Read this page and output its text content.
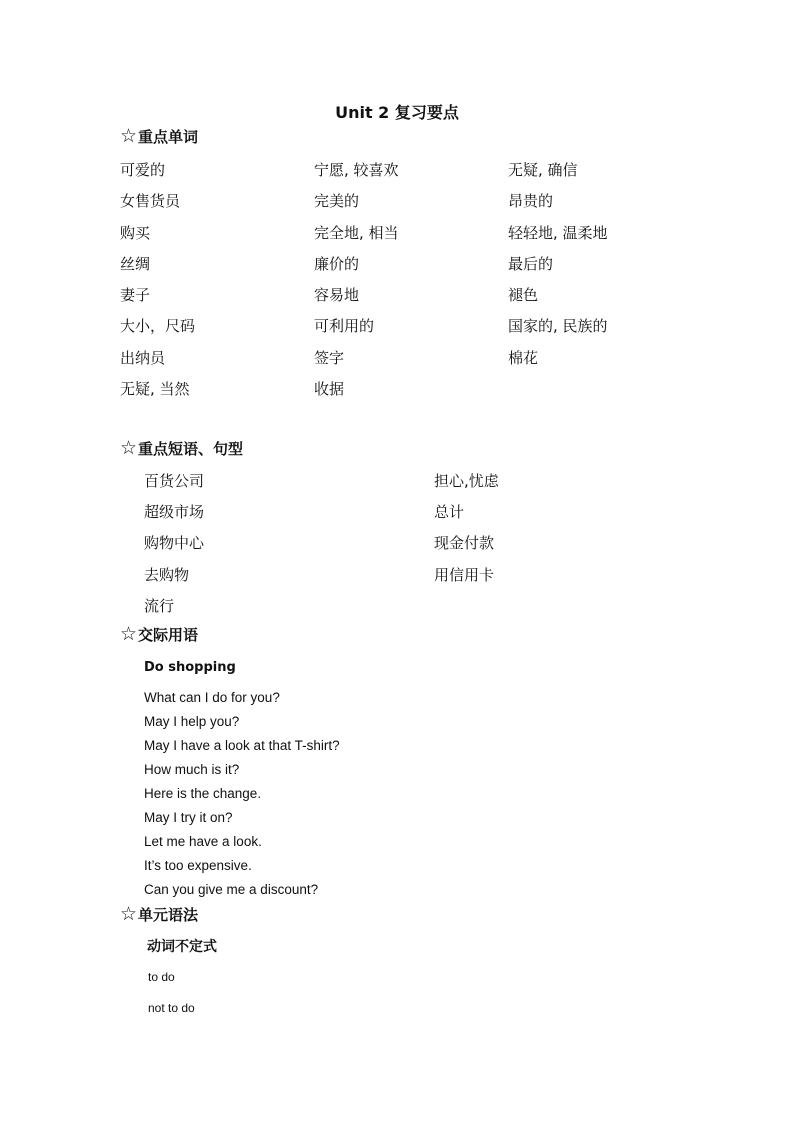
Unit 2 复习要点
☆ 重点单词
可爱的	宁愿, 较喜欢	无疑, 确信
女售货员	完美的	昂贵的
购买	完全地, 相当	轻轻地, 温柔地
丝绸	廉价的	最后的
妻子	容易地	褪色
大小，尺码	可利用的	国家的, 民族的
出纳员	签字	棉花
无疑, 当然	收据
☆ 重点短语、句型
百货公司	担心,忧虑
超级市场	总计
购物中心	现金付款
去购物	用信用卡
流行
☆ 交际用语
Do shopping
What can I do for you?
May I help you?
May I have a look at that T-shirt?
How much is it?
Here is the change.
May I try it on?
Let me have a look.
It’s too expensive.
Can you give me a discount?
☆ 单元语法
动词不定式
to do
not to do
